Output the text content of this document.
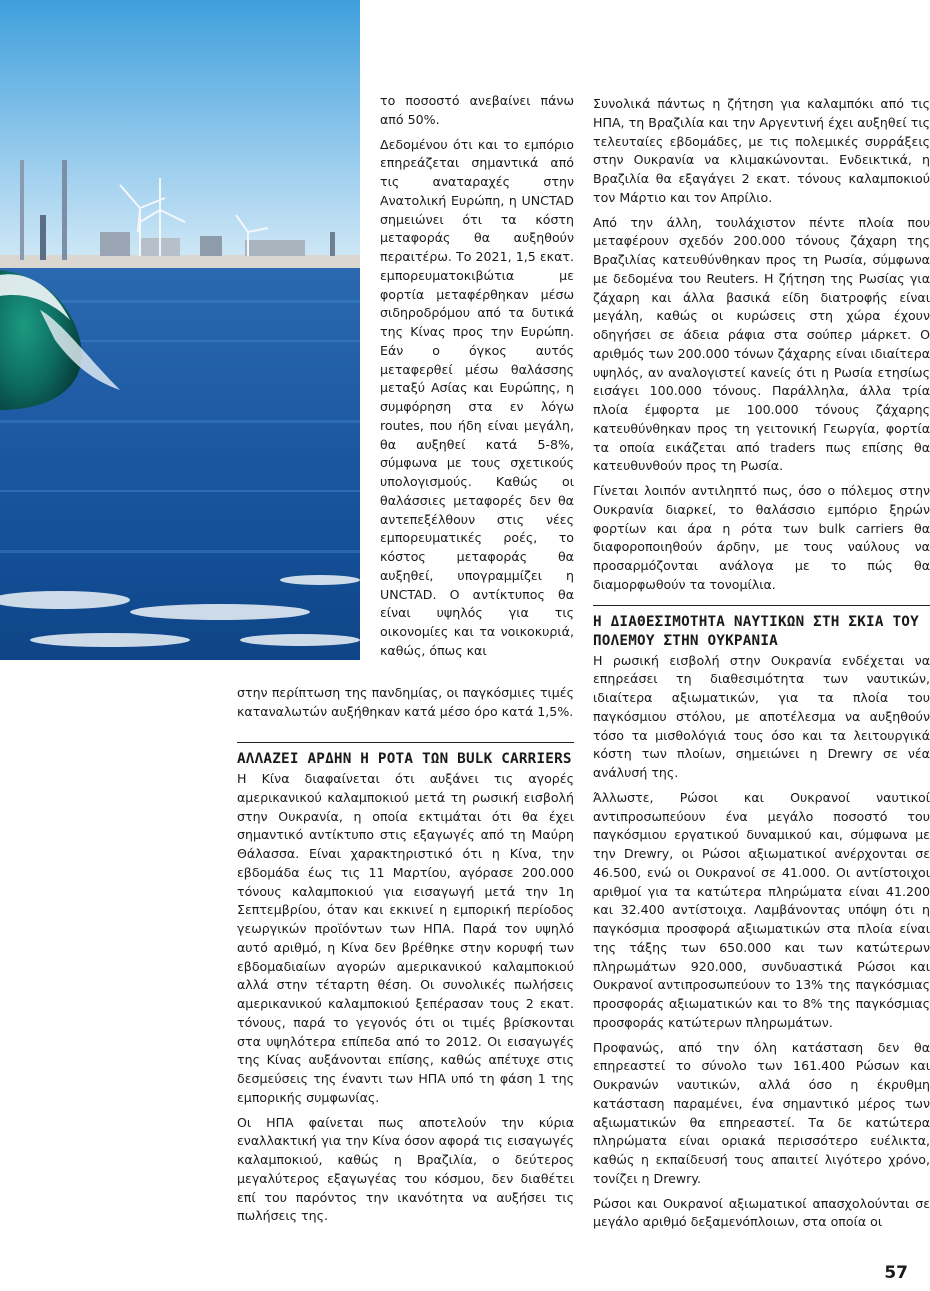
το ποσοστό ανεβαίνει πάνω από 50%.

Δεδομένου ότι και το εμπόριο επηρεάζεται σημαντικά από τις αναταραχές στην Ανατολική Ευρώπη, η UNCTAD σημειώνει ότι τα κόστη μεταφοράς θα αυξηθούν περαιτέρω. Το 2021, 1,5 εκατ. εμπορευματοκιβώτια με φορτία μεταφέρθηκαν μέσω σιδηροδρόμου από τα δυτικά της Κίνας προς την Ευρώπη. Εάν ο όγκος αυτός μεταφερθεί μέσω θαλάσσης μεταξύ Ασίας και Ευρώπης, η συμφόρηση στα εν λόγω routes, που ήδη είναι μεγάλη, θα αυξηθεί κατά 5-8%, σύμφωνα με τους σχετικούς υπολογισμούς. Καθώς οι θαλάσσιες μεταφορές δεν θα αντεπεξέλθουν στις νέες εμπορευματικές ροές, το κόστος μεταφοράς θα αυξηθεί, υπογραμμίζει η UNCTAD. Ο αντίκτυπος θα είναι υψηλός για τις οικονομίες και τα νοικοκυριά, καθώς, όπως και

στην περίπτωση της πανδημίας, οι παγκόσμιες τιμές καταναλωτών αυξήθηκαν κατά μέσο όρο κατά 1,5%.

ΑΛΛΑΖΕΙ ΑΡΔΗΝ Η ΡΟΤΑ ΤΩΝ BULK CARRIERS

Η Κίνα διαφαίνεται ότι αυξάνει τις αγορές αμερικανικού καλαμποκιού μετά τη ρωσική εισβολή στην Ουκρανία, η οποία εκτιμάται ότι θα έχει σημαντικό αντίκτυπο στις εξαγωγές από τη Μαύρη Θάλασσα. Είναι χαρακτηριστικό ότι η Κίνα, την εβδομάδα έως τις 11 Μαρτίου, αγόρασε 200.000 τόνους καλαμποκιού για εισαγωγή μετά την 1η Σεπτεμβρίου, όταν και εκκινεί η εμπορική περίοδος γεωργικών προϊόντων των ΗΠΑ. Παρά τον υψηλό αυτό αριθμό, η Κίνα δεν βρέθηκε στην κορυφή των εβδομαδιαίων αγορών αμερικανικού καλαμποκιού αλλά στην τέταρτη θέση. Οι συνολικές πωλήσεις αμερικανικού καλαμποκιού ξεπέρασαν τους 2 εκατ. τόνους, παρά το γεγονός ότι οι τιμές βρίσκονται στα υψηλότερα επίπεδα από το 2012. Οι εισαγωγές της Κίνας αυξάνονται επίσης, καθώς απέτυχε στις δεσμεύσεις της έναντι των ΗΠΑ υπό τη φάση 1 της εμπορικής συμφωνίας.

Οι ΗΠΑ φαίνεται πως αποτελούν την κύρια εναλλακτική για την Κίνα όσον αφορά τις εισαγωγές καλαμποκιού, καθώς η Βραζιλία, ο δεύτερος μεγαλύτερος εξαγωγέας του κόσμου, δεν διαθέτει επί του παρόντος την ικανότητα να αυξήσει τις πωλήσεις της.

Συνολικά πάντως η ζήτηση για καλαμπόκι από τις ΗΠΑ, τη Βραζιλία και την Αργεντινή έχει αυξηθεί τις τελευταίες εβδομάδες, με τις πολεμικές συρράξεις στην Ουκρανία να κλιμακώνονται. Ενδεικτικά, η Βραζιλία θα εξαγάγει 2 εκατ. τόνους καλαμποκιού τον Μάρτιο και τον Απρίλιο.

Από την άλλη, τουλάχιστον πέντε πλοία που μεταφέρουν σχεδόν 200.000 τόνους ζάχαρη της Βραζιλίας κατευθύνθηκαν προς τη Ρωσία, σύμφωνα με δεδομένα του Reuters. Η ζήτηση της Ρωσίας για ζάχαρη και άλλα βασικά είδη διατροφής είναι μεγάλη, καθώς οι κυρώσεις στη χώρα έχουν οδηγήσει σε άδεια ράφια στα σούπερ μάρκετ. Ο αριθμός των 200.000 τόνων ζάχαρης είναι ιδιαίτερα υψηλός, αν αναλογιστεί κανείς ότι η Ρωσία ετησίως εισάγει 100.000 τόνους. Παράλληλα, άλλα τρία πλοία έμφορτα με 100.000 τόνους ζάχαρης κατευθύνθηκαν προς τη γειτονική Γεωργία, φορτία τα οποία εικάζεται από traders πως επίσης θα κατευθυνθούν προς τη Ρωσία.

Γίνεται λοιπόν αντιληπτό πως, όσο ο πόλεμος στην Ουκρανία διαρκεί, το θαλάσσιο εμπόριο ξηρών φορτίων και άρα η ρότα των bulk carriers θα διαφοροποιηθούν άρδην, με τους ναύλους να προσαρμόζονται ανάλογα με το πώς θα διαμορφωθούν τα τονομίλια.

Η ΔΙΑΘΕΣΙΜΟΤΗΤΑ ΝΑΥΤΙΚΩΝ ΣΤΗ ΣΚΙΑ ΤΟΥ ΠΟΛΕΜΟΥ ΣΤΗΝ ΟΥΚΡΑΝΙΑ

Η ρωσική εισβολή στην Ουκρανία ενδέχεται να επηρεάσει τη διαθεσιμότητα των ναυτικών, ιδιαίτερα αξιωματικών, για τα πλοία του παγκόσμιου στόλου, με αποτέλεσμα να αυξηθούν τόσο τα μισθολόγιά τους όσο και τα λειτουργικά κόστη των πλοίων, σημειώνει η Drewry σε νέα ανάλυσή της.

Άλλωστε, Ρώσοι και Ουκρανοί ναυτικοί αντιπροσωπεύουν ένα μεγάλο ποσοστό του παγκόσμιου εργατικού δυναμικού και, σύμφωνα με την Drewry, οι Ρώσοι αξιωματικοί ανέρχονται σε 46.500, ενώ οι Ουκρανοί σε 41.000. Οι αντίστοιχοι αριθμοί για τα κατώτερα πληρώματα είναι 41.200 και 32.400 αντίστοιχα. Λαμβάνοντας υπόψη ότι η παγκόσμια προσφορά αξιωματικών στα πλοία είναι της τάξης των 650.000 και των κατώτερων πληρωμάτων 920.000, συνδυαστικά Ρώσοι και Ουκρανοί αντιπροσωπεύουν το 13% της παγκόσμιας προσφοράς αξιωματικών και το 8% της παγκόσμιας προσφοράς κατώτερων πληρωμάτων.

Προφανώς, από την όλη κατάσταση δεν θα επηρεαστεί το σύνολο των 161.400 Ρώσων και Ουκρανών ναυτικών, αλλά όσο η έκρυθμη κατάσταση παραμένει, ένα σημαντικό μέρος των αξιωματικών θα επηρεαστεί. Τα δε κατώτερα πληρώματα είναι οριακά περισσότερο ευέλικτα, καθώς η εκπαίδευσή τους απαιτεί λιγότερο χρόνο, τονίζει η Drewry.

Ρώσοι και Ουκρανοί αξιωματικοί απασχολούνται σε μεγάλο αριθμό δεξαμενόπλοιων, στα οποία οι

57
